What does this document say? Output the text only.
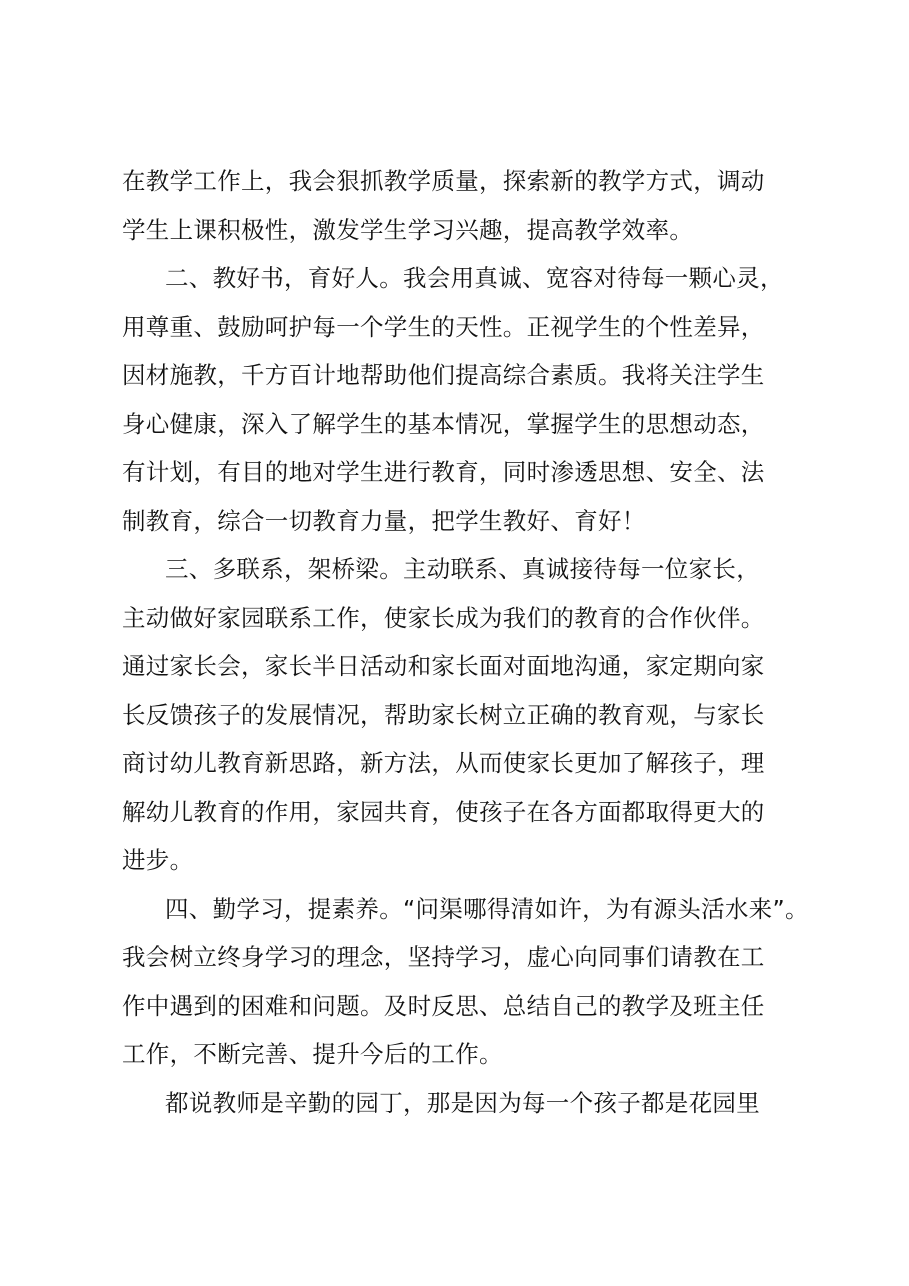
在教学工作上，我会狠抓教学质量，探索新的教学方式，调动
学生上课积极性，激发学生学习兴趣，提高教学效率。
二、教好书，育好人。我会用真诚、宽容对待每一颗心灵，
用尊重、鼓励呵护每一个学生的天性。正视学生的个性差异，
因材施教，千方百计地帮助他们提高综合素质。我将关注学生
身心健康，深入了解学生的基本情况，掌握学生的思想动态，
有计划，有目的地对学生进行教育，同时渗透思想、安全、法
制教育，综合一切教育力量，把学生教好、育好！
三、多联系，架桥梁。主动联系、真诚接待每一位家长，
主动做好家园联系工作，使家长成为我们的教育的合作伙伴。
通过家长会，家长半日活动和家长面对面地沟通，家定期向家
长反馈孩子的发展情况，帮助家长树立正确的教育观，与家长
商讨幼儿教育新思路，新方法，从而使家长更加了解孩子，理
解幼儿教育的作用，家园共育，使孩子在各方面都取得更大的
进步。
四、勤学习，提素养。“问渠哪得清如许，为有源头活水来”。
我会树立终身学习的理念，坚持学习，虚心向同事们请教在工
作中遇到的困难和问题。及时反思、总结自己的教学及班主任
工作，不断完善、提升今后的工作。
都说教师是辛勤的园丁，那是因为每一个孩子都是花园里
